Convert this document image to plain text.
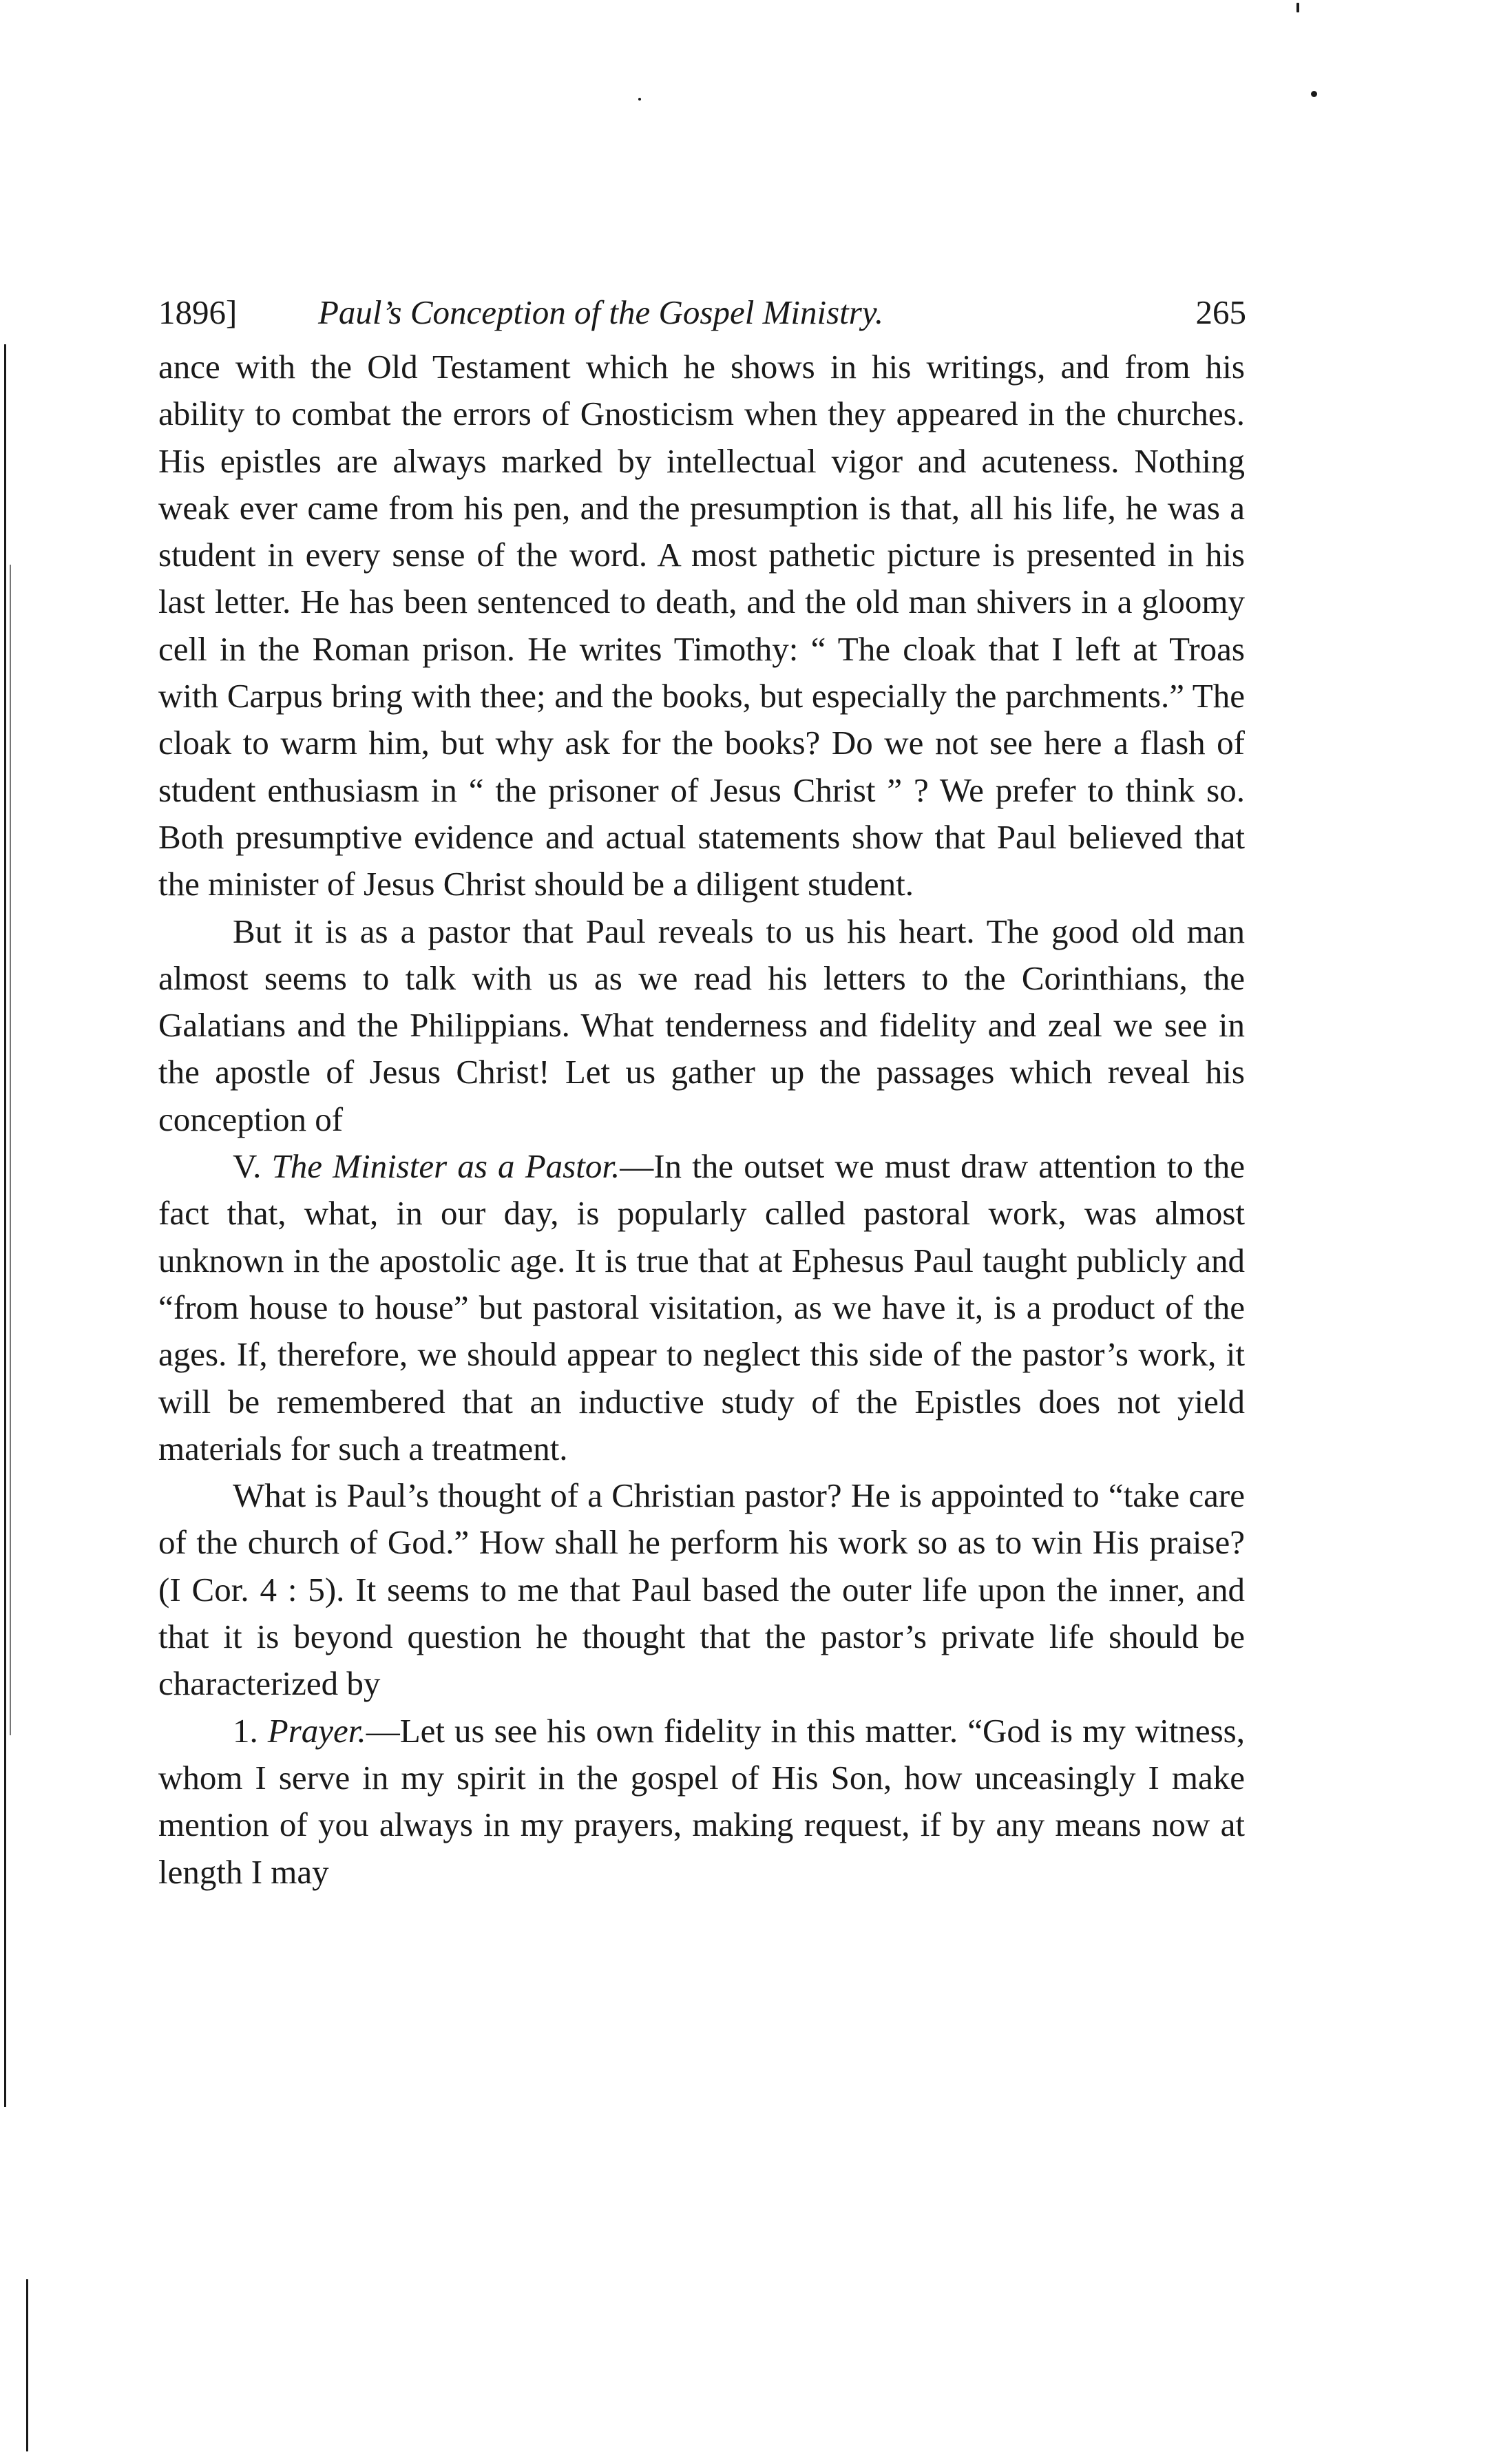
1896] Paul’s Conception of the Gospel Ministry.	265

ance with the Old Testament which he shows in his writings, and from his ability to combat the errors of Gnosticism when they appeared in the churches. His epistles are always marked by intellectual vigor and acuteness. Nothing weak ever came from his pen, and the presumption is that, all his life, he was a student in every sense of the word. A most pathetic picture is presented in his last letter. He has been sentenced to death, and the old man shivers in a gloomy cell in the Roman prison. He writes Timothy: “ The cloak that I left at Troas with Carpus bring with thee; and the books, but especially the parchments.” The cloak to warm him, but why ask for the books? Do we not see here a flash of student enthusiasm in “ the prisoner of Jesus Christ ” ? We prefer to think so. Both presumptive evidence and actual statements show that Paul believed that the minister of Jesus Christ should be a diligent student.

But it is as a pastor that Paul reveals to us his heart. The good old man almost seems to talk with us as we read his letters to the Corinthians, the Galatians and the Philippians. What tenderness and fidelity and zeal we see in the apostle of Jesus Christ! Let us gather up the passages which reveal his conception of

V. The Minister as a Pastor.—In the outset we must draw attention to the fact that, what, in our day, is popularly called pastoral work, was almost unknown in the apostolic age. It is true that at Ephesus Paul taught publicly and “from house to house” but pastoral visitation, as we have it, is a product of the ages. If, therefore, we should appear to neglect this side of the pastor’s work, it will be remembered that an inductive study of the Epistles does not yield materials for such a treatment.

What is Paul’s thought of a Christian pastor? He is appointed to “take care of the church of God.” How shall he perform his work so as to win His praise? (I Cor. 4 : 5). It seems to me that Paul based the outer life upon the inner, and that it is beyond question he thought that the pastor’s private life should be characterized by

1. Prayer.—Let us see his own fidelity in this matter. “God is my witness, whom I serve in my spirit in the gospel of His Son, how unceasingly I make mention of you always in my prayers, making request, if by any means now at length I may
